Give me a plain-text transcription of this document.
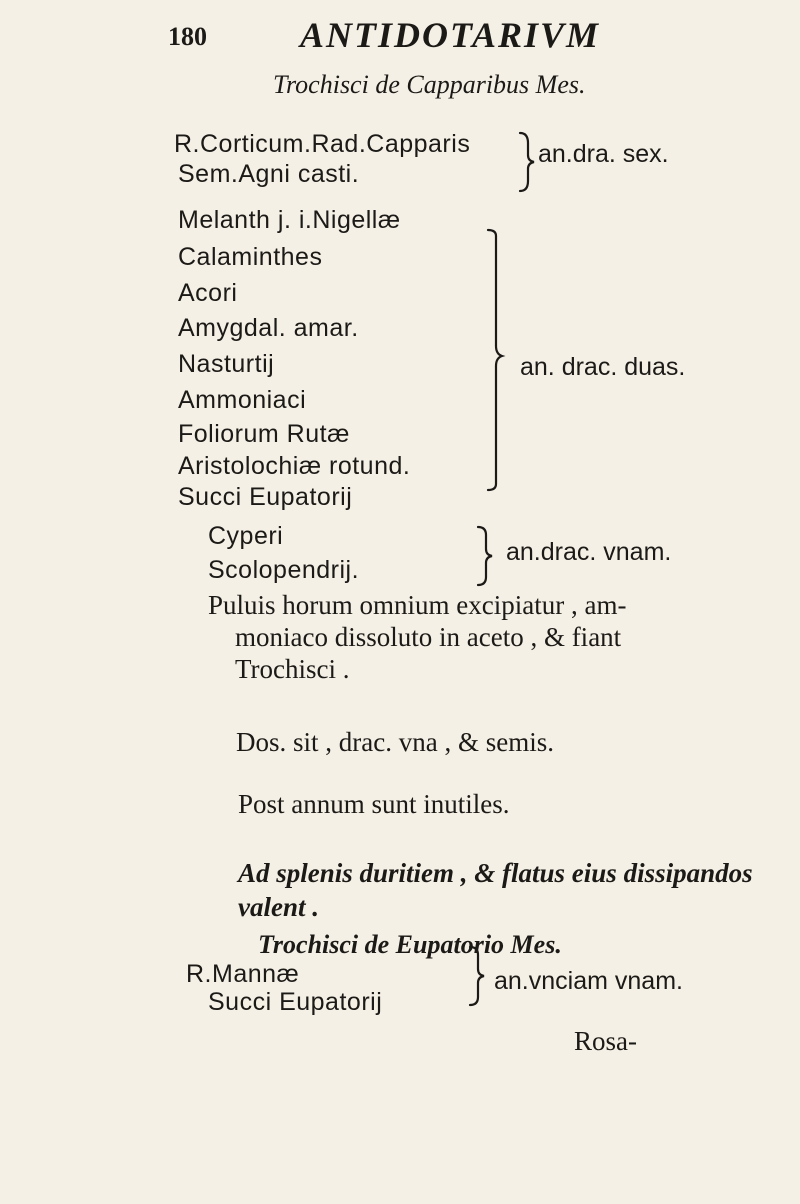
180	ANTIDOTARIVM
Trochisci de Capparibus Mes.
R.Corticum.Rad.Capparis
Sem.Agni casti.
an.dra. sex.
Melanth j. i.Nigellæ
Calaminthes
Acori
Amygdal. amar.
Nasturtij
Ammoniaci
Foliorum Rutæ
Aristolochiæ rotund.
Succi Eupatorij
an. drac. duas.
Cyperi
Scolopendrij.
an.drac. vnam.
Puluis horum omnium excipiatur , am-
moniaco dissoluto in aceto , & fiant
Trochisci .
Dos. sit , drac. vna , & semis.
Post annum sunt inutiles.
Ad splenis duritiem , & flatus eius dissipandos
valent .
Trochisci de Eupatorio Mes.
R.Mannæ
Succi Eupatorij
an.vnciam vnam.
Rosa-
